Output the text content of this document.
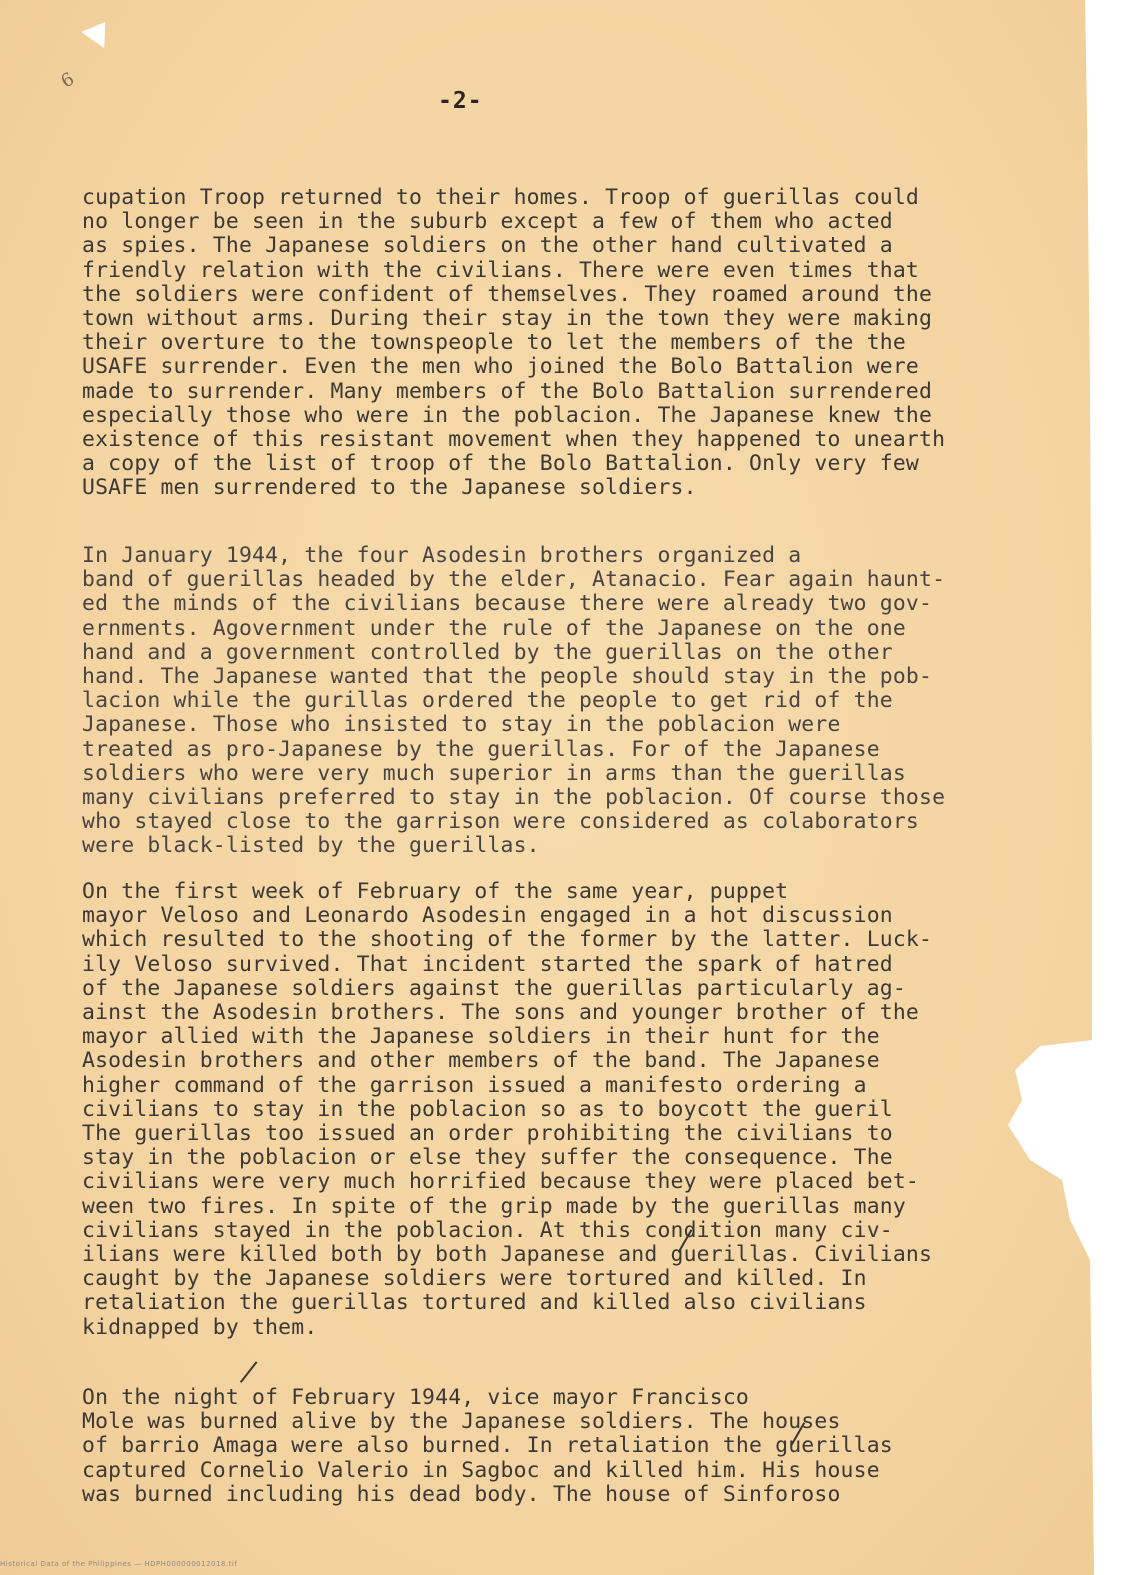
6
-2-

cupation Troop returned to their homes. Troop of guerillas could
no longer be seen in the suburb except a few of them who acted
as spies. The Japanese soldiers on the other hand cultivated a
friendly relation with the civilians. There were even times that
the soldiers were confident of themselves. They roamed around the
town without arms. During their stay in the town they were making
their overture to the townspeople to let the members of the the
USAFE surrender. Even the men who joined the Bolo Battalion were
made to surrender. Many members of the Bolo Battalion surrendered
especially those who were in the poblacion. The Japanese knew the
existence of this resistant movement when they happened to unearth
a copy of the list of troop of the Bolo Battalion. Only very few
USAFE men surrendered to the Japanese soldiers.

In January 1944, the four Asodesin brothers organized a
band of guerillas headed by the elder, Atanacio. Fear again haunt-
ed the minds of the civilians because there were already two gov-
ernments. Agovernment under the rule of the Japanese on the one
hand and a government controlled by the guerillas on the other
hand. The Japanese wanted that the people should stay in the pob-
lacion while the gurillas ordered the people to get rid of the
Japanese. Those who insisted to stay in the poblacion were
treated as pro-Japanese by the guerillas. For of the Japanese
soldiers who were very much superior in arms than the guerillas
many civilians preferred to stay in the poblacion. Of course those
who stayed close to the garrison were considered as colaborators
were black-listed by the guerillas.

On the first week of February of the same year, puppet
mayor Veloso and Leonardo Asodesin engaged in a hot discussion
which resulted to the shooting of the former by the latter. Luck-
ily Veloso survived. That incident started the spark of hatred
of the Japanese soldiers against the guerillas particularly ag-
ainst the Asodesin brothers. The sons and younger brother of the
mayor allied with the Japanese soldiers in their hunt for the
Asodesin brothers and other members of the band. The Japanese
higher command of the garrison issued a manifesto ordering a
civilians to stay in the poblacion so as to boycott the gueril
The guerillas too issued an order prohibiting the civilians to
stay in the poblacion or else they suffer the consequence. The
civilians were very much horrified because they were placed bet-
ween two fires. In spite of the grip made by the guerillas many
civilians stayed in the poblacion. At this condition many civ-
ilians were killed both by both Japanese and guerillas. Civilians
caught by the Japanese soldiers were tortured and killed. In
retaliation the guerillas tortured and killed also civilians
kidnapped by them.

On the night of February 1944, vice mayor Francisco
Mole was burned alive by the Japanese soldiers. The houses
of barrio Amaga were also burned. In retaliation the guerillas
captured Cornelio Valerio in Sagboc and killed him. His house
was burned including his dead body. The house of Sinforoso

Historical Data of the Philippines — HDPH000000012018.tif
